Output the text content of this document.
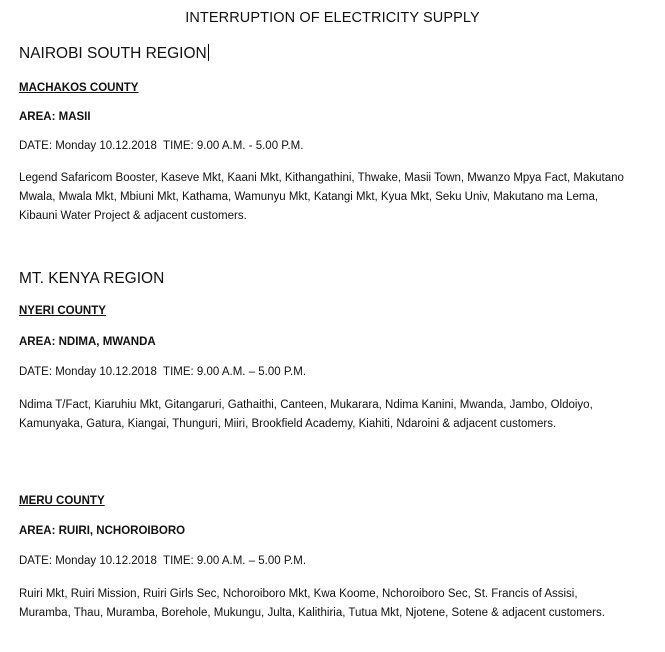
INTERRUPTION OF ELECTRICITY SUPPLY
NAIROBI SOUTH REGION
MACHAKOS COUNTY
AREA: MASII
DATE: Monday 10.12.2018  TIME: 9.00 A.M. - 5.00 P.M.
Legend Safaricom Booster, Kaseve Mkt, Kaani Mkt, Kithangathini, Thwake, Masii Town, Mwanzo Mpya Fact, Makutano Mwala, Mwala Mkt, Mbiuni Mkt, Kathama, Wamunyu Mkt, Katangi Mkt, Kyua Mkt, Seku Univ, Makutano ma Lema, Kibauni Water Project & adjacent customers.
MT. KENYA REGION
NYERI COUNTY
AREA: NDIMA, MWANDA
DATE: Monday 10.12.2018  TIME: 9.00 A.M. – 5.00 P.M.
Ndima T/Fact, Kiaruhiu Mkt, Gitangaruri, Gathaithi, Canteen, Mukarara, Ndima Kanini, Mwanda, Jambo, Oldoiyo, Kamunyaka, Gatura, Kiangai, Thunguri, Miiri, Brookfield Academy, Kiahiti, Ndaroini & adjacent customers.
MERU COUNTY
AREA: RUIRI, NCHOROIBORO
DATE: Monday 10.12.2018  TIME: 9.00 A.M. – 5.00 P.M.
Ruiri Mkt, Ruiri Mission, Ruiri Girls Sec, Nchoroiboro Mkt, Kwa Koome, Nchoroiboro Sec, St. Francis of Assisi, Muramba, Thau, Muramba, Borehole, Mukungu, Julta, Kalithiria, Tutua Mkt, Njotene, Sotene & adjacent customers.
